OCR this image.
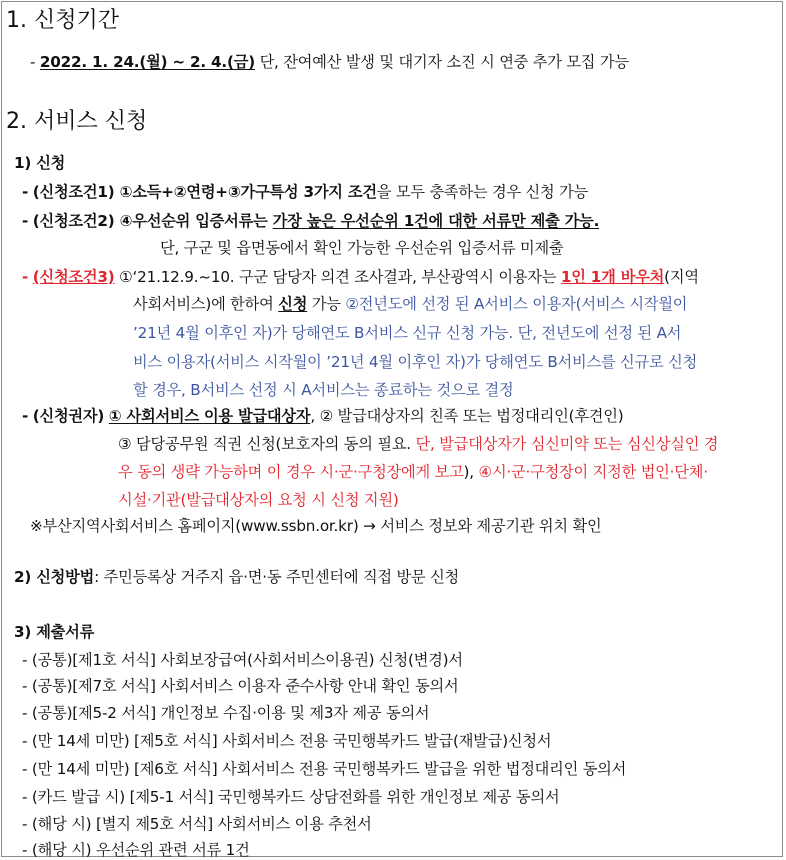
1. 신청기간
- 2022. 1. 24.(월) ~ 2. 4.(금) 단, 잔여예산 발생 및 대기자 소진 시 연중 추가 모집 가능
2. 서비스 신청
1) 신청
- (신청조건1) ①소득+②연령+③가구특성 3가지 조건을 모두 충족하는 경우 신청 가능
- (신청조건2) ④우선순위 입증서류는 가장 높은 우선순위 1건에 대한 서류만 제출 가능.
단, 구군 및 읍면동에서 확인 가능한 우선순위 입증서류 미제출
- (신청조건3) ①‘21.12.9.~10. 구군 담당자 의견 조사결과, 부산광역시 이용자는 1인 1개 바우처(지역
사회서비스)에 한하여 신청 가능 ②전년도에 선정 된 A서비스 이용자(서비스 시작월이
’21년 4월 이후인 자)가 당해연도 B서비스 신규 신청 가능. 단, 전년도에 선정 된 A서
비스 이용자(서비스 시작월이 ’21년 4월 이후인 자)가 당해연도 B서비스를 신규로 신청
할 경우, B서비스 선정 시 A서비스는 종료하는 것으로 결정
- (신청권자) ① 사회서비스 이용 발급대상자, ② 발급대상자의 친족 또는 법정대리인(후견인)
③ 담당공무원 직권 신청(보호자의 동의 필요. 단, 발급대상자가 심신미약 또는 심신상실인 경
우 동의 생략 가능하며 이 경우 시·군·구청장에게 보고), ④시·군·구청장이 지정한 법인·단체·
시설·기관(발급대상자의 요청 시 신청 지원)
※부산지역사회서비스 홈페이지(www.ssbn.or.kr) → 서비스 정보와 제공기관 위치 확인
2) 신청방법: 주민등록상 거주지 읍·면·동 주민센터에 직접 방문 신청
3) 제출서류
- (공통)[제1호 서식] 사회보장급여(사회서비스이용권) 신청(변경)서
- (공통)[제7호 서식] 사회서비스 이용자 준수사항 안내 확인 동의서
- (공통)[제5-2 서식] 개인정보 수집·이용 및 제3자 제공 동의서
- (만 14세 미만) [제5호 서식] 사회서비스 전용 국민행복카드 발급(재발급)신청서
- (만 14세 미만) [제6호 서식] 사회서비스 전용 국민행복카드 발급을 위한 법정대리인 동의서
- (카드 발급 시) [제5-1 서식] 국민행복카드 상담전화를 위한 개인정보 제공 동의서
- (해당 시) [별지 제5호 서식] 사회서비스 이용 추천서
- (해당 시) 우선순위 관련 서류 1건
